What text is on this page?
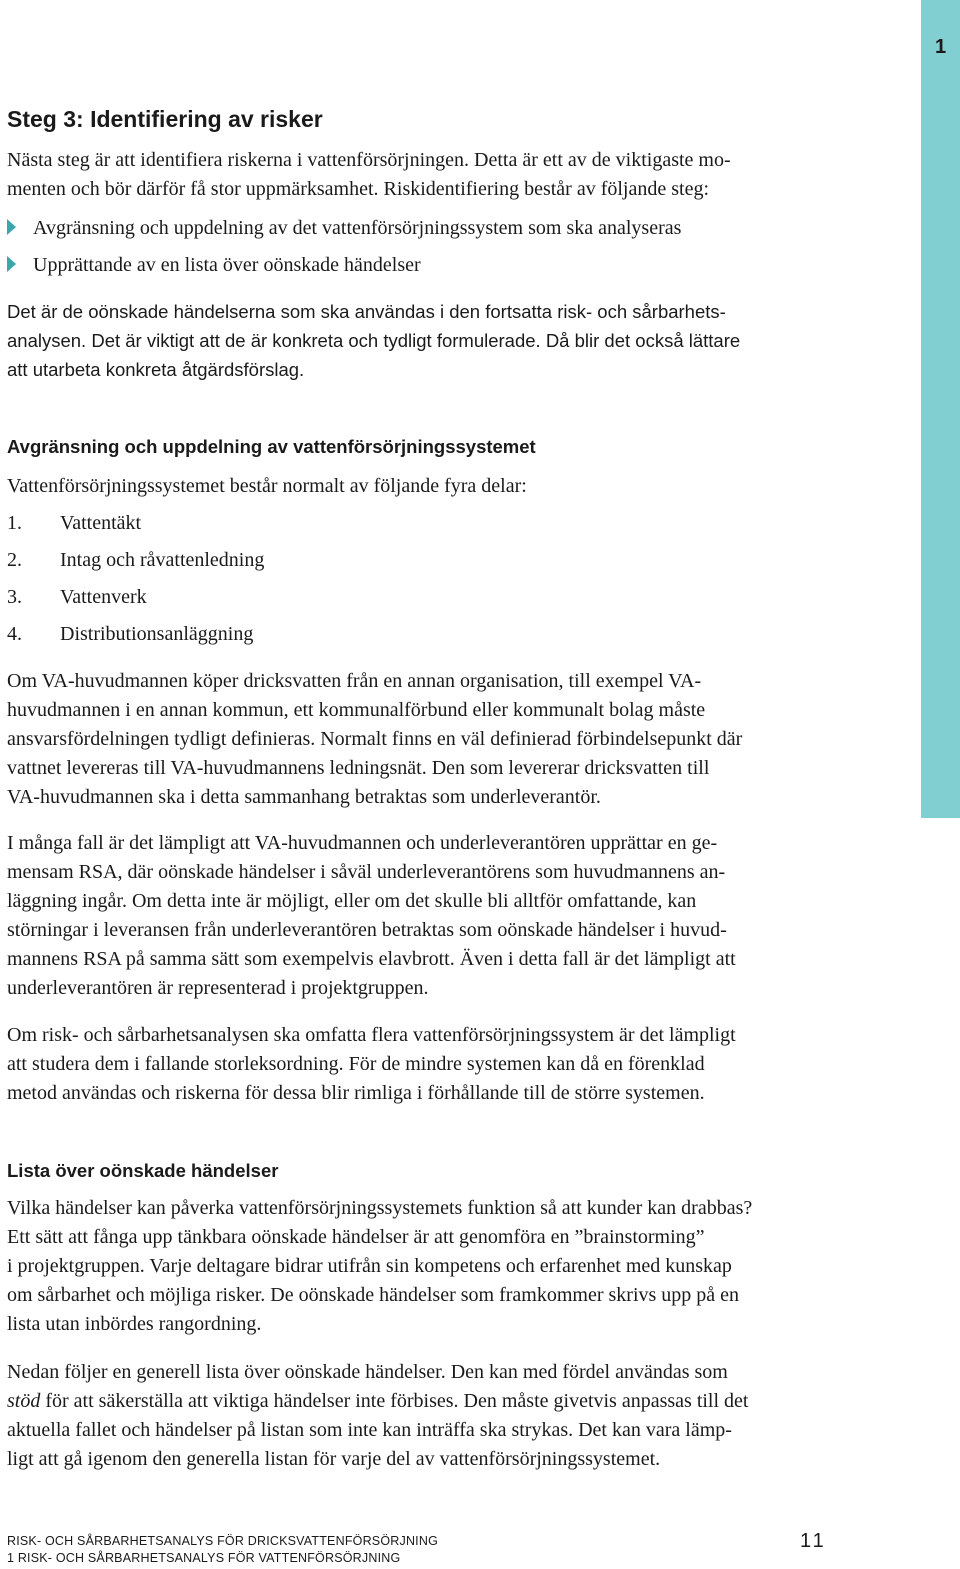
1
Steg 3: Identifiering av risker

Nästa steg är att identifiera riskerna i vattenförsörjningen. Detta är ett av de viktigaste mo-
menten och bör därför få stor uppmärksamhet. Riskidentifiering består av följande steg:

Avgränsning och uppdelning av det vattenförsörjningssystem som ska analyseras
Upprättande av en lista över oönskade händelser

Det är de oönskade händelserna som ska användas i den fortsatta risk- och sårbarhets-
analysen. Det är viktigt att de är konkreta och tydligt formulerade. Då blir det också lättare
att utarbeta konkreta åtgärdsförslag.

Avgränsning och uppdelning av vattenförsörjningssystemet

Vattenförsörjningssystemet består normalt av följande fyra delar:

1. Vattentäkt
2. Intag och råvattenledning
3. Vattenverk
4. Distributionsanläggning

Om VA-huvudmannen köper dricksvatten från en annan organisation, till exempel VA-
huvudmannen i en annan kommun, ett kommunalförbund eller kommunalt bolag måste
ansvarsfördelningen tydligt definieras. Normalt finns en väl definierad förbindelsepunkt där
vattnet levereras till VA-huvudmannens ledningsnät. Den som levererar dricksvatten till
VA-huvudmannen ska i detta sammanhang betraktas som underleverantör.

I många fall är det lämpligt att VA-huvudmannen och underleverantören upprättar en ge-
mensam RSA, där oönskade händelser i såväl underleverantörens som huvudmannens an-
läggning ingår. Om detta inte är möjligt, eller om det skulle bli alltför omfattande, kan
störningar i leveransen från underleverantören betraktas som oönskade händelser i huvud-
mannens RSA på samma sätt som exempelvis elavbrott. Även i detta fall är det lämpligt att
underleverantören är representerad i projektgruppen.

Om risk- och sårbarhetsanalysen ska omfatta flera vattenförsörjningssystem är det lämpligt
att studera dem i fallande storleksordning. För de mindre systemen kan då en förenklad
metod användas och riskerna för dessa blir rimliga i förhållande till de större systemen.

Lista över oönskade händelser

Vilka händelser kan påverka vattenförsörjningssystemets funktion så att kunder kan drabbas?
Ett sätt att fånga upp tänkbara oönskade händelser är att genomföra en ”brainstorming”
i projektgruppen. Varje deltagare bidrar utifrån sin kompetens och erfarenhet med kunskap
om sårbarhet och möjliga risker. De oönskade händelser som framkommer skrivs upp på en
lista utan inbördes rangordning.

Nedan följer en generell lista över oönskade händelser. Den kan med fördel användas som
stöd för att säkerställa att viktiga händelser inte förbises. Den måste givetvis anpassas till det
aktuella fallet och händelser på listan som inte kan inträffa ska strykas. Det kan vara lämp-
ligt att gå igenom den generella listan för varje del av vattenförsörjningssystemet.

RISK- OCH SÅRBARHETSANALYS FÖR DRICKSVATTENFÖRSÖRJNING
1 RISK- OCH SÅRBARHETSANALYS FÖR VATTENFÖRSÖRJNING
11
